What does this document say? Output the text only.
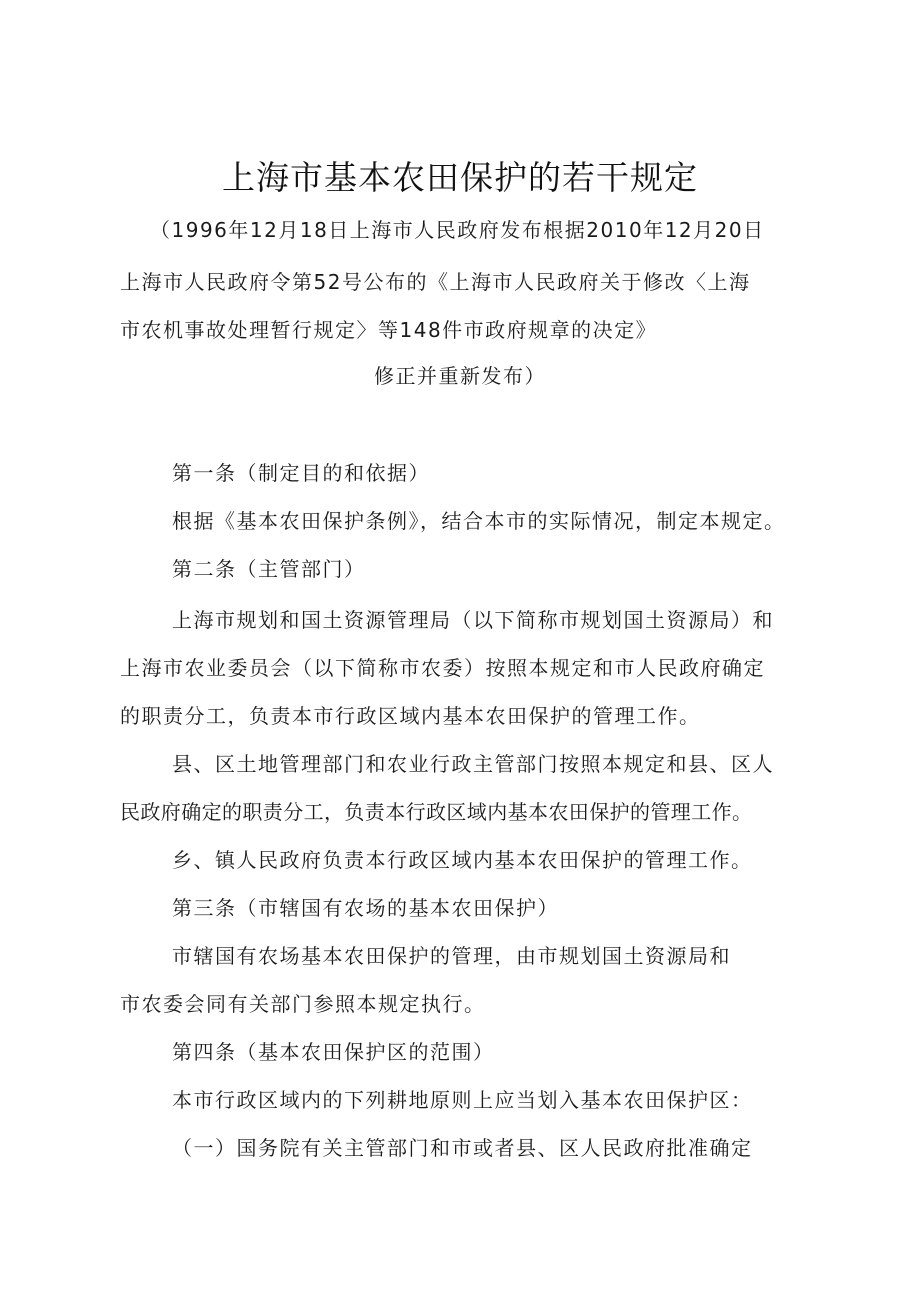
上海市基本农田保护的若干规定
（1996年12月18日上海市人民政府发布根据2010年12月20日
上海市人民政府令第52号公布的《上海市人民政府关于修改〈上海
市农机事故处理暂行规定〉等148件市政府规章的决定》
修正并重新发布）
第一条（制定目的和依据）
根据《基本农田保护条例》，结合本市的实际情况，制定本规定。
第二条（主管部门）
上海市规划和国土资源管理局（以下简称市规划国土资源局）和
上海市农业委员会（以下简称市农委）按照本规定和市人民政府确定
的职责分工，负责本市行政区域内基本农田保护的管理工作。
县、区土地管理部门和农业行政主管部门按照本规定和县、区人
民政府确定的职责分工，负责本行政区域内基本农田保护的管理工作。
乡、镇人民政府负责本行政区域内基本农田保护的管理工作。
第三条（市辖国有农场的基本农田保护）
市辖国有农场基本农田保护的管理，由市规划国土资源局和
市农委会同有关部门参照本规定执行。
第四条（基本农田保护区的范围）
本市行政区域内的下列耕地原则上应当划入基本农田保护区：
（一）国务院有关主管部门和市或者县、区人民政府批准确定
